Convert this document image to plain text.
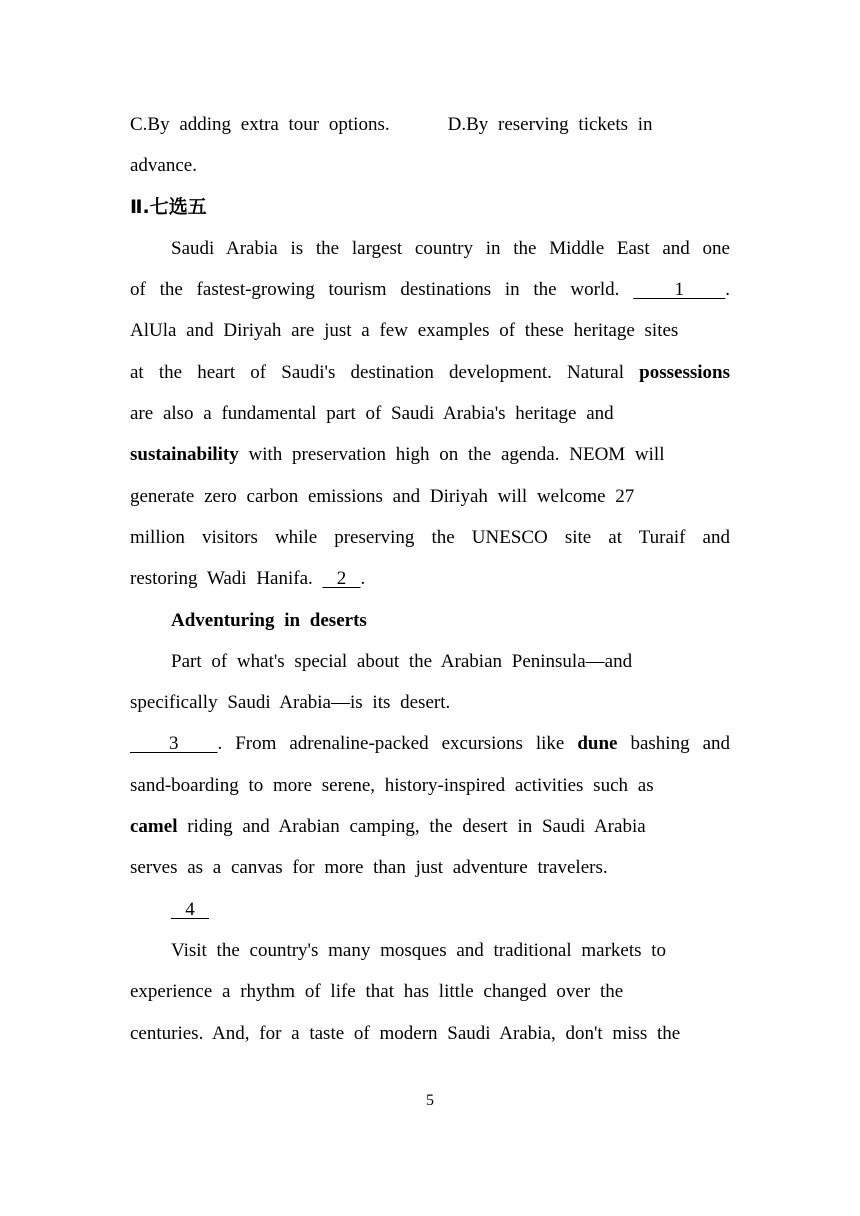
C.By adding extra tour options.	D.By reserving tickets in
advance.
Ⅱ.七选五
Saudi Arabia is the largest country in the Middle East and one
of the fastest-growing tourism destinations in the world.    1   .
AlUla and Diriyah are just a few examples of these heritage sites
at the heart of Saudi's destination development. Natural possessions
are also a fundamental part of Saudi Arabia's heritage and
sustainability with preservation high on the agenda. NEOM will
generate zero carbon emissions and Diriyah will welcome 27
million visitors while preserving the UNESCO site at Turaif and
restoring Wadi Hanifa.    2   .
Adventuring in deserts
Part of what's special about the Arabian Peninsula—and
specifically Saudi Arabia—is its desert.
3   . From adrenaline-packed excursions like dune bashing and
sand-boarding to more serene, history-inspired activities such as
camel riding and Arabian camping, the desert in Saudi Arabia
serves as a canvas for more than just adventure travelers.
4
Visit the country's many mosques and traditional markets to
experience a rhythm of life that has little changed over the
centuries. And, for a taste of modern Saudi Arabia, don't miss the
5
